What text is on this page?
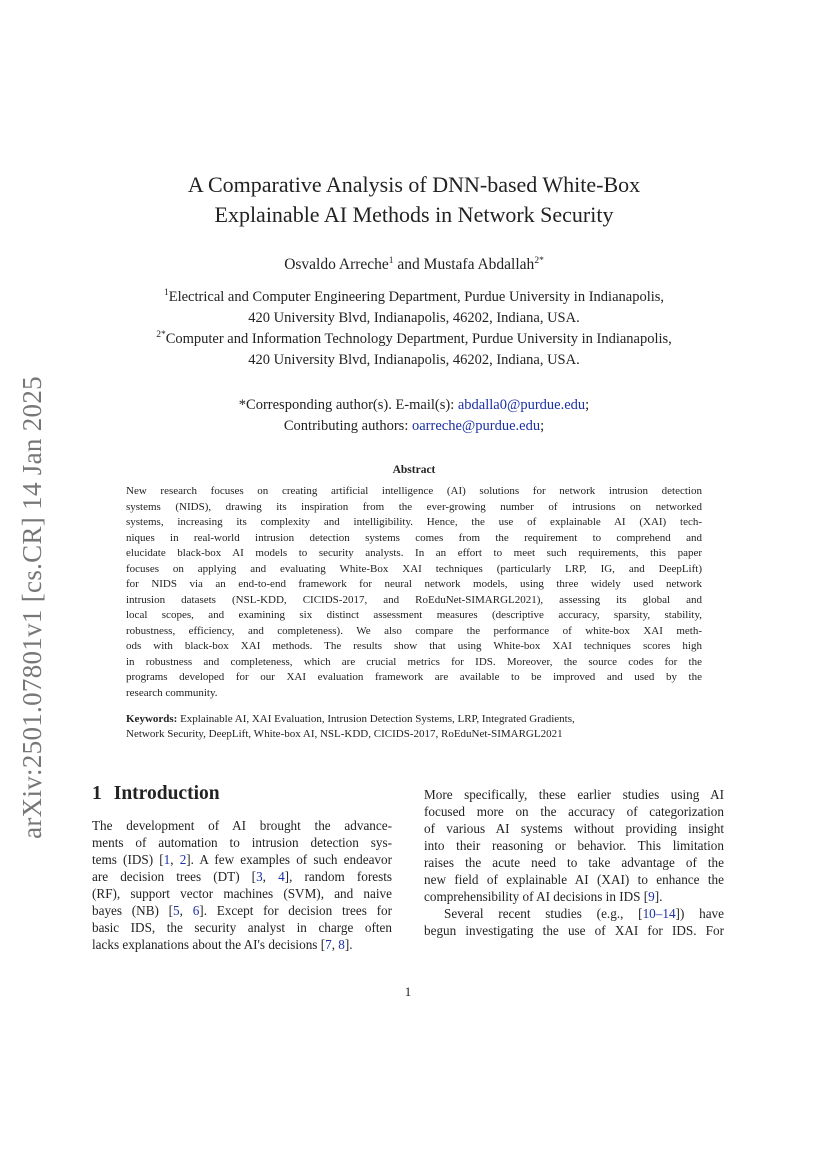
arXiv:2501.07801v1 [cs.CR] 14 Jan 2025
A Comparative Analysis of DNN-based White-Box
Explainable AI Methods in Network Security
Osvaldo Arreche$^1$ and Mustafa Abdallah$^{2*}$
$^1$Electrical and Computer Engineering Department, Purdue University in Indianapolis,
420 University Blvd, Indianapolis, 46202, Indiana, USA.
$^{2*}$Computer and Information Technology Department, Purdue University in Indianapolis,
420 University Blvd, Indianapolis, 46202, Indiana, USA.
*Corresponding author(s). E-mail(s): abdalla0@purdue.edu;
Contributing authors: oarreche@purdue.edu;
Abstract
New research focuses on creating artificial intelligence (AI) solutions for network intrusion detection
systems (NIDS), drawing its inspiration from the ever-growing number of intrusions on networked
systems, increasing its complexity and intelligibility. Hence, the use of explainable AI (XAI) tech-
niques in real-world intrusion detection systems comes from the requirement to comprehend and
elucidate black-box AI models to security analysts. In an effort to meet such requirements, this paper
focuses on applying and evaluating White-Box XAI techniques (particularly LRP, IG, and DeepLift)
for NIDS via an end-to-end framework for neural network models, using three widely used network
intrusion datasets (NSL-KDD, CICIDS-2017, and RoEduNet-SIMARGL2021), assessing its global and
local scopes, and examining six distinct assessment measures (descriptive accuracy, sparsity, stability,
robustness, efficiency, and completeness). We also compare the performance of white-box XAI meth-
ods with black-box XAI methods. The results show that using White-box XAI techniques scores high
in robustness and completeness, which are crucial metrics for IDS. Moreover, the source codes for the
programs developed for our XAI evaluation framework are available to be improved and used by the
research community.
Keywords: Explainable AI, XAI Evaluation, Intrusion Detection Systems, LRP, Integrated Gradients,
Network Security, DeepLift, White-box AI, NSL-KDD, CICIDS-2017, RoEduNet-SIMARGL2021
1 Introduction
The development of AI brought the advance-
ments of automation to intrusion detection sys-
tems (IDS) [1, 2]. A few examples of such endeavor
are decision trees (DT) [3, 4], random forests
(RF), support vector machines (SVM), and naive
bayes (NB) [5, 6]. Except for decision trees for
basic IDS, the security analyst in charge often
lacks explanations about the AI's decisions [7, 8].
More specifically, these earlier studies using AI
focused more on the accuracy of categorization
of various AI systems without providing insight
into their reasoning or behavior. This limitation
raises the acute need to take advantage of the
new field of explainable AI (XAI) to enhance the
comprehensibility of AI decisions in IDS [9].
Several recent studies (e.g., [10–14]) have
begun investigating the use of XAI for IDS. For
1
